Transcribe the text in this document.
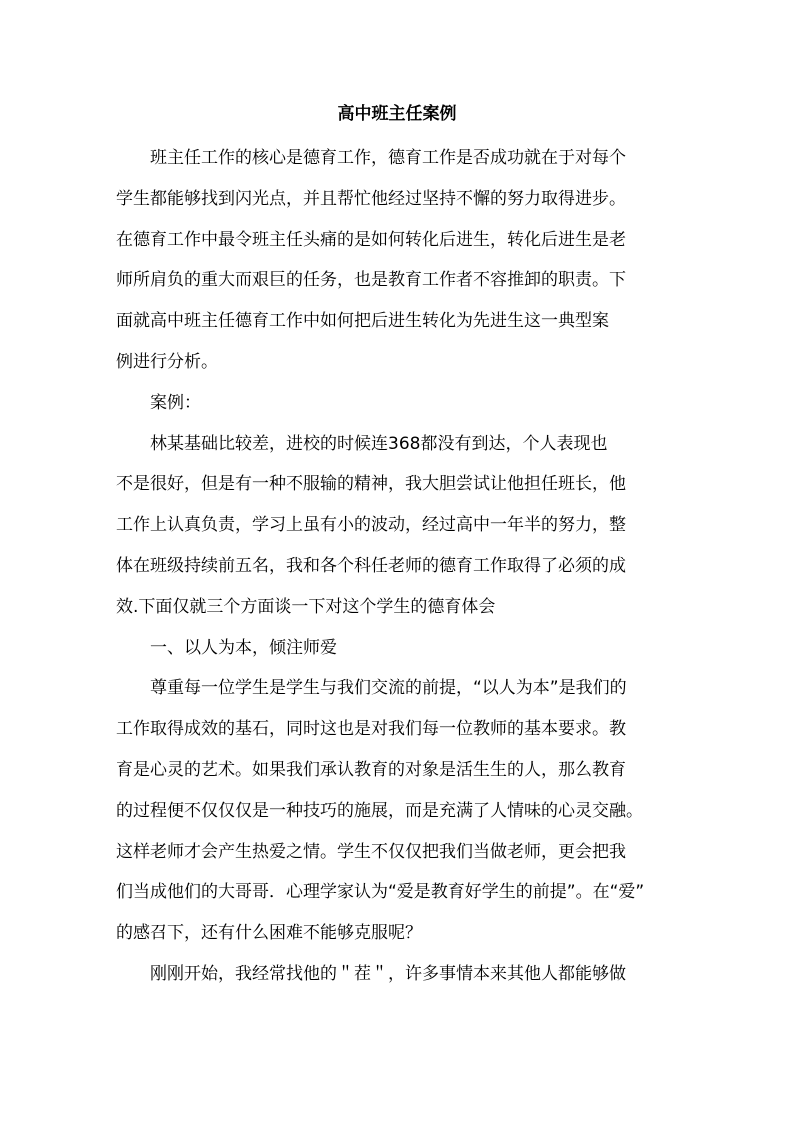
高中班主任案例
班主任工作的核心是德育工作，德育工作是否成功就在于对每个
学生都能够找到闪光点，并且帮忙他经过坚持不懈的努力取得进步。
在德育工作中最令班主任头痛的是如何转化后进生，转化后进生是老
师所肩负的重大而艰巨的任务，也是教育工作者不容推卸的职责。下
面就高中班主任德育工作中如何把后进生转化为先进生这一典型案
例进行分析。
案例：
林某基础比较差，进校的时候连368都没有到达，个人表现也
不是很好，但是有一种不服输的精神，我大胆尝试让他担任班长，他
工作上认真负责，学习上虽有小的波动，经过高中一年半的努力，整
体在班级持续前五名，我和各个科任老师的德育工作取得了必须的成
效.下面仅就三个方面谈一下对这个学生的德育体会
一、以人为本，倾注师爱
尊重每一位学生是学生与我们交流的前提，“以人为本”是我们的
工作取得成效的基石，同时这也是对我们每一位教师的基本要求。教
育是心灵的艺术。如果我们承认教育的对象是活生生的人，那么教育
的过程便不仅仅仅是一种技巧的施展，而是充满了人情味的心灵交融。
这样老师才会产生热爱之情。学生不仅仅把我们当做老师，更会把我
们当成他们的大哥哥．心理学家认为“爱是教育好学生的前提”。在“爱”
的感召下，还有什么困难不能够克服呢？
刚刚开始，我经常找他的＂茬＂，许多事情本来其他人都能够做
